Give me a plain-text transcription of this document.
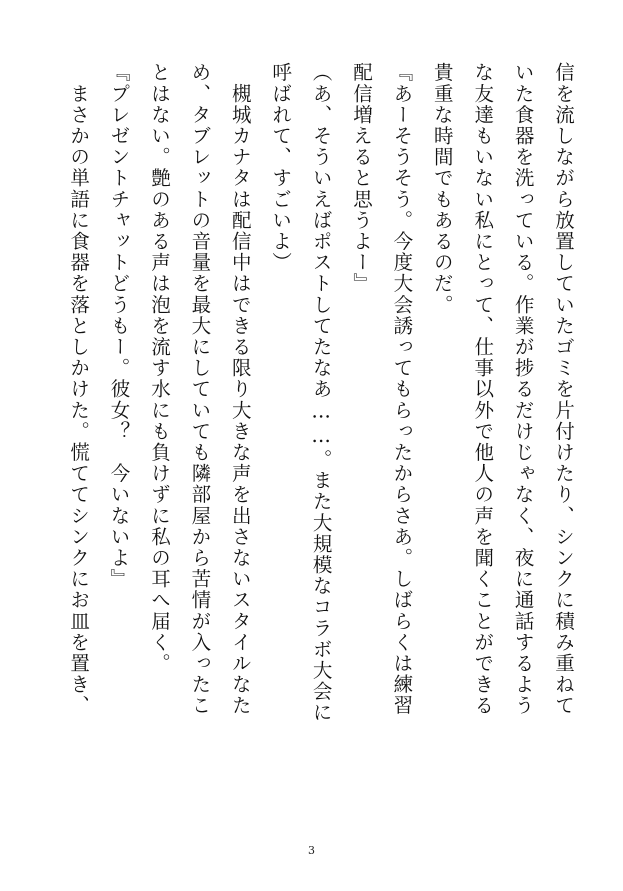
信を流しながら放置していたゴミを片付けたり、シンクに積み重ねて
いた食器を洗っている。作業が捗るだけじゃなく、夜に通話するよう
な友達もいない私にとって、仕事以外で他人の声を聞くことができる
貴重な時間でもあるのだ。
『あーそうそう。今度大会誘ってもらったからさあ。しばらくは練習
配信増えると思うよー』
（あ、そういえばポストしてたなあ……。また大規模なコラボ大会に
呼ばれて、すごいよ）
　槻城カナタは配信中はできる限り大きな声を出さないスタイルなた
め、タブレットの音量を最大にしていても隣部屋から苦情が入ったこ
とはない。艶のある声は泡を流す水にも負けずに私の耳へ届く。
『プレゼントチャットどうもー。彼女？　今いないよ』
　まさかの単語に食器を落としかけた。慌ててシンクにお皿を置き、
3
